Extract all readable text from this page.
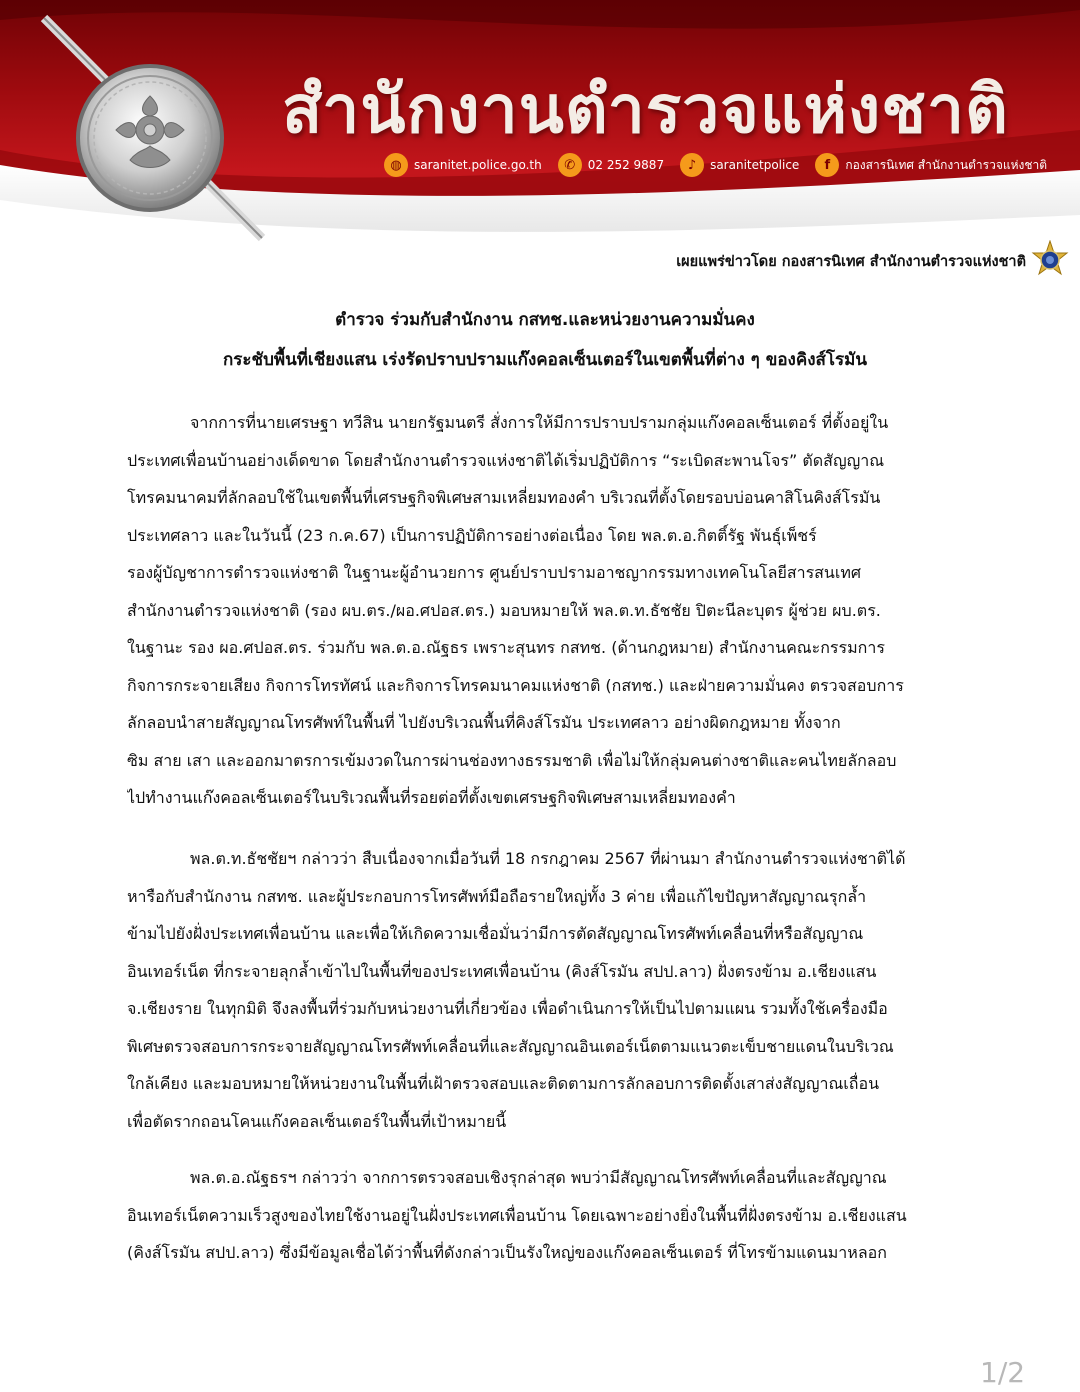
สำนักงานตำรวจแห่งชาติ
◍	saranitet.police.go.th	✆	02 252 9887	♪	saranitetpolice	f	กองสารนิเทศ สำนักงานตำรวจแห่งชาติ
เผยแพร่ข่าวโดย กองสารนิเทศ สำนักงานตำรวจแห่งชาติ
ตำรวจ ร่วมกับสำนักงาน กสทช.และหน่วยงานความมั่นคง
กระชับพื้นที่เชียงแสน เร่งรัดปราบปรามแก๊งคอลเซ็นเตอร์ในเขตพื้นที่ต่าง ๆ ของคิงส์โรมัน
จากการที่นายเศรษฐา ทวีสิน นายกรัฐมนตรี สั่งการให้มีการปราบปรามกลุ่มแก๊งคอลเซ็นเตอร์ ที่ตั้งอยู่ใน
ประเทศเพื่อนบ้านอย่างเด็ดขาด โดยสำนักงานตำรวจแห่งชาติได้เริ่มปฏิบัติการ “ระเบิดสะพานโจร” ตัดสัญญาณ
โทรคมนาคมที่ลักลอบใช้ในเขตพื้นที่เศรษฐกิจพิเศษสามเหลี่ยมทองคำ บริเวณที่ตั้งโดยรอบบ่อนคาสิโนคิงส์โรมัน
ประเทศลาว และในวันนี้ (23 ก.ค.67) เป็นการปฏิบัติการอย่างต่อเนื่อง โดย พล.ต.อ.กิตติ์รัฐ พันธุ์เพ็ชร์
รองผู้บัญชาการตำรวจแห่งชาติ ในฐานะผู้อำนวยการ ศูนย์ปราบปรามอาชญากรรมทางเทคโนโลยีสารสนเทศ
สำนักงานตำรวจแห่งชาติ (รอง ผบ.ตร./ผอ.ศปอส.ตร.) มอบหมายให้ พล.ต.ท.ธัชชัย ปิตะนีละบุตร ผู้ช่วย ผบ.ตร.
ในฐานะ รอง ผอ.ศปอส.ตร. ร่วมกับ พล.ต.อ.ณัฐธร เพราะสุนทร กสทช. (ด้านกฎหมาย) สำนักงานคณะกรรมการ
กิจการกระจายเสียง กิจการโทรทัศน์ และกิจการโทรคมนาคมแห่งชาติ (กสทช.) และฝ่ายความมั่นคง ตรวจสอบการ
ลักลอบนำสายสัญญาณโทรศัพท์ในพื้นที่ ไปยังบริเวณพื้นที่คิงส์โรมัน ประเทศลาว อย่างผิดกฎหมาย ทั้งจาก
ซิม สาย เสา และออกมาตรการเข้มงวดในการผ่านช่องทางธรรมชาติ เพื่อไม่ให้กลุ่มคนต่างชาติและคนไทยลักลอบ
ไปทำงานแก๊งคอลเซ็นเตอร์ในบริเวณพื้นที่รอยต่อที่ตั้งเขตเศรษฐกิจพิเศษสามเหลี่ยมทองคำ
พล.ต.ท.ธัชชัยฯ กล่าวว่า สืบเนื่องจากเมื่อวันที่ 18 กรกฎาคม 2567 ที่ผ่านมา สำนักงานตำรวจแห่งชาติได้
หารือกับสำนักงาน กสทช. และผู้ประกอบการโทรศัพท์มือถือรายใหญ่ทั้ง 3 ค่าย เพื่อแก้ไขปัญหาสัญญาณรุกล้ำ
ข้ามไปยังฝั่งประเทศเพื่อนบ้าน และเพื่อให้เกิดความเชื่อมั่นว่ามีการตัดสัญญาณโทรศัพท์เคลื่อนที่หรือสัญญาณ
อินเทอร์เน็ต ที่กระจายลุกล้ำเข้าไปในพื้นที่ของประเทศเพื่อนบ้าน (คิงส์โรมัน สปป.ลาว) ฝั่งตรงข้าม อ.เชียงแสน
จ.เชียงราย ในทุกมิติ จึงลงพื้นที่ร่วมกับหน่วยงานที่เกี่ยวข้อง เพื่อดำเนินการให้เป็นไปตามแผน รวมทั้งใช้เครื่องมือ
พิเศษตรวจสอบการกระจายสัญญาณโทรศัพท์เคลื่อนที่และสัญญาณอินเตอร์เน็ตตามแนวตะเข็บชายแดนในบริเวณ
ใกล้เคียง และมอบหมายให้หน่วยงานในพื้นที่เฝ้าตรวจสอบและติดตามการลักลอบการติดตั้งเสาส่งสัญญาณเถื่อน
เพื่อตัดรากถอนโคนแก๊งคอลเซ็นเตอร์ในพื้นที่เป้าหมายนี้
พล.ต.อ.ณัฐธรฯ กล่าวว่า จากการตรวจสอบเชิงรุกล่าสุด พบว่ามีสัญญาณโทรศัพท์เคลื่อนที่และสัญญาณ
อินเทอร์เน็ตความเร็วสูงของไทยใช้งานอยู่ในฝั่งประเทศเพื่อนบ้าน โดยเฉพาะอย่างยิ่งในพื้นที่ฝั่งตรงข้าม อ.เชียงแสน
(คิงส์โรมัน สปป.ลาว) ซึ่งมีข้อมูลเชื่อได้ว่าพื้นที่ดังกล่าวเป็นรังใหญ่ของแก๊งคอลเซ็นเตอร์ ที่โทรข้ามแดนมาหลอก
1/2
